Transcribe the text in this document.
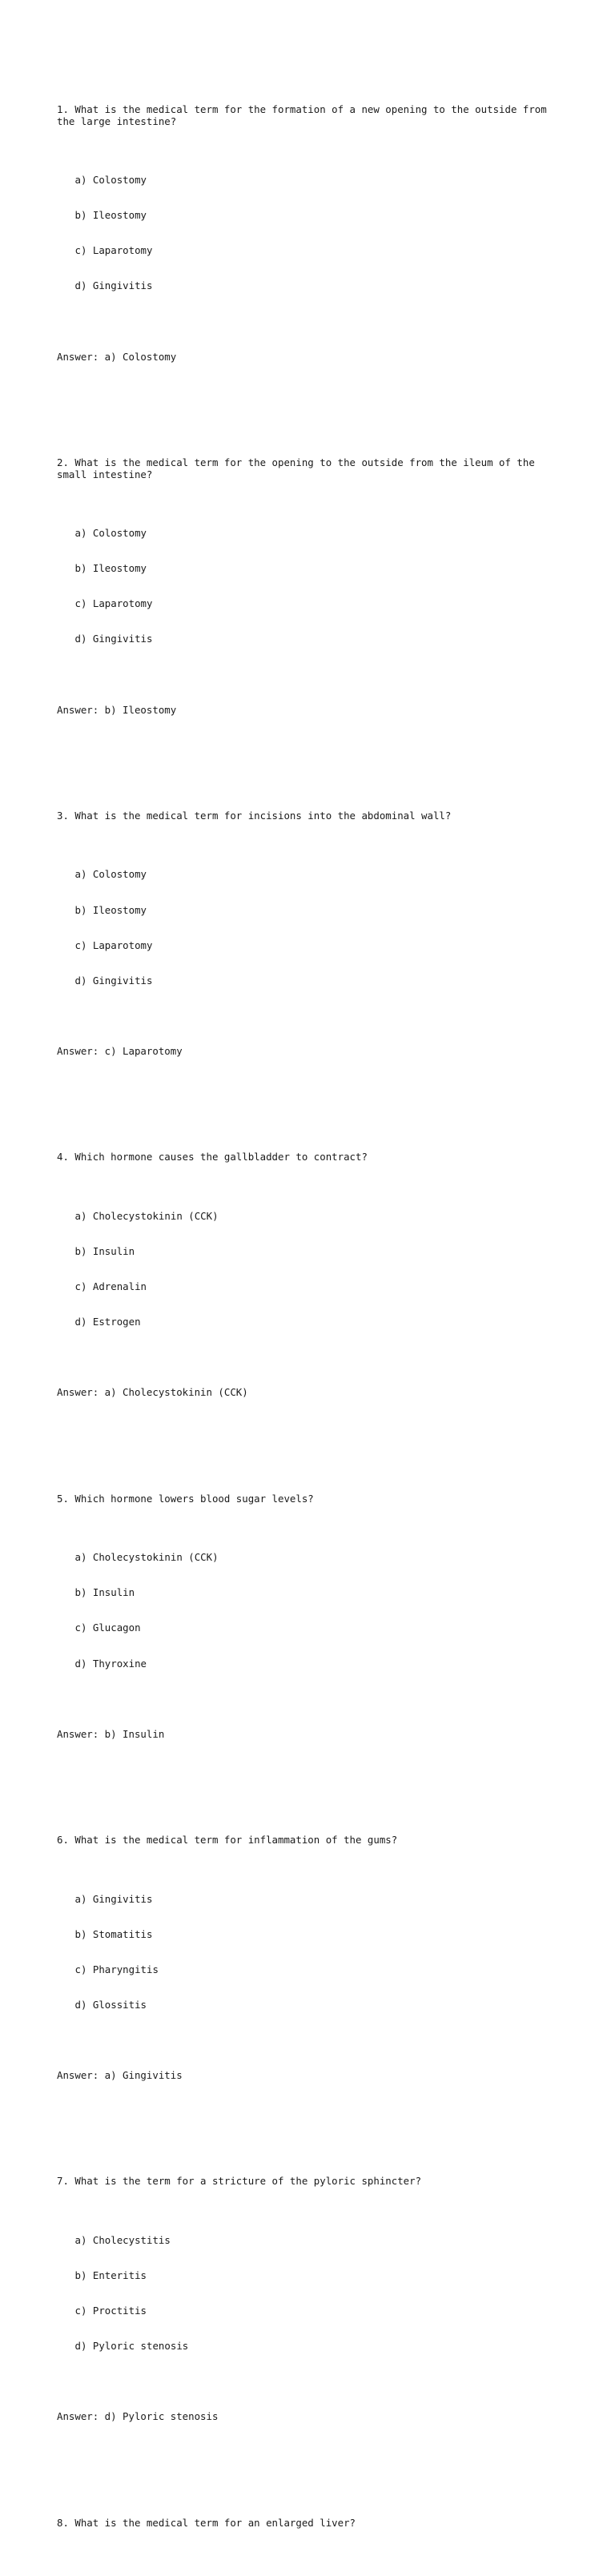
1. What is the medical term for the formation of a new opening to the outside from the large intestine?

a) Colostomy

b) Ileostomy

c) Laparotomy

d) Gingivitis

Answer: a) Colostomy

2. What is the medical term for the opening to the outside from the ileum of the small intestine?

a) Colostomy

b) Ileostomy

c) Laparotomy

d) Gingivitis

Answer: b) Ileostomy

3. What is the medical term for incisions into the abdominal wall?

a) Colostomy

b) Ileostomy

c) Laparotomy

d) Gingivitis

Answer: c) Laparotomy

4. Which hormone causes the gallbladder to contract?

a) Cholecystokinin (CCK)

b) Insulin

c) Adrenalin

d) Estrogen

Answer: a) Cholecystokinin (CCK)

5. Which hormone lowers blood sugar levels?

a) Cholecystokinin (CCK)

b) Insulin

c) Glucagon

d) Thyroxine

Answer: b) Insulin

6. What is the medical term for inflammation of the gums?

a) Gingivitis

b) Stomatitis

c) Pharyngitis

d) Glossitis

Answer: a) Gingivitis

7. What is the term for a stricture of the pyloric sphincter?

a) Cholecystitis

b) Enteritis

c) Proctitis

d) Pyloric stenosis

Answer: d) Pyloric stenosis

8. What is the medical term for an enlarged liver?
